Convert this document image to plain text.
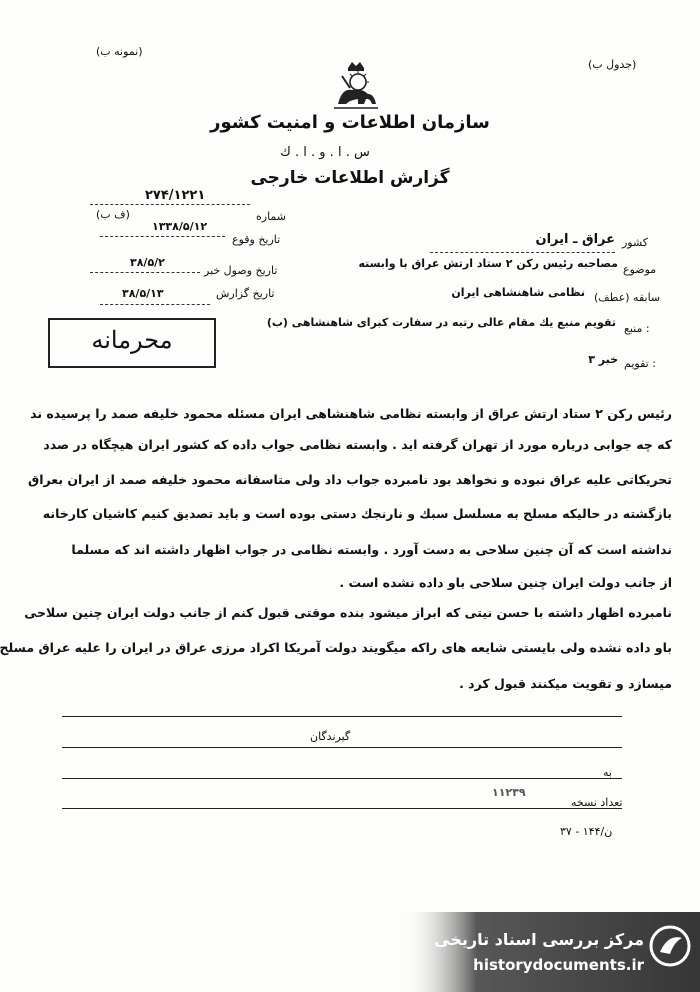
(نمونه ب)
(جدول ب)
سازمان اطلاعات و امنیت کشور
س . ا . و . ا . ك
گزارش اطلاعات خارجی
شماره
۲۷۴/۱۲۲۱
(ف ب)
تاریخ وقوع
۱۳۳۸/۵/۱۲
کشور
عراق ـ ایران
موضوع
مصاحبه رئیس رکن ۲ ستاد ارتش عراق با وابسته
تاریخ وصول خبر
۳۸/۵/۲
سابقه (عطف)
نظامی شاهنشاهی ایران
تاریخ گزارش
۳۸/۵/۱۳
منبع :
تقویم منبع یك مقام عالی رتبه در سفارت کبرای شاهنشاهی (ب)
تقویم :
خبر ۳
محرمانه
رئیس رکن ۲ ستاد ارتش عراق از وابسته نظامی شاهنشاهی ایران مسئله محمود خلیفه صمد را پرسیده ند
که چه جوابی درباره مورد از تهران گرفته اید . وابسته نظامی جواب داده که کشور ایران هیچگاه در صدد
تحریکاتی علیه عراق نبوده و نخواهد بود نامبرده جواب داد ولی متاسفانه محمود خلیفه صمد از ایران بعراق
بازگشته در حالیکه مسلح به مسلسل سبك و نارنجك دستی بوده است و باید تصدیق کنیم کاشیان کارخانه
نداشته است که آن چنین سلاحی به دست آورد . وابسته نظامی در جواب اظهار داشته اند که مسلما
از جانب دولت ایران چنین سلاحی باو داده نشده است .
نامبرده اظهار داشته با حسن نیتی که ابراز میشود بنده موقتی قبول کنم از جانب دولت ایران چنین سلاحی
باو داده نشده ولی بایستی شایعه های راکه میگویند دولت آمریکا اکراد مرزی عراق در ایران را علیه عراق مسلح
میسازد و تقویت میکنند قبول کرد .
گیرندگان
به
تعداد نسخه
۱۱۲۳۹
۳۷ - ۱۴۴/ن
مرکز بررسی اسناد تاریخی
historydocuments.ir
